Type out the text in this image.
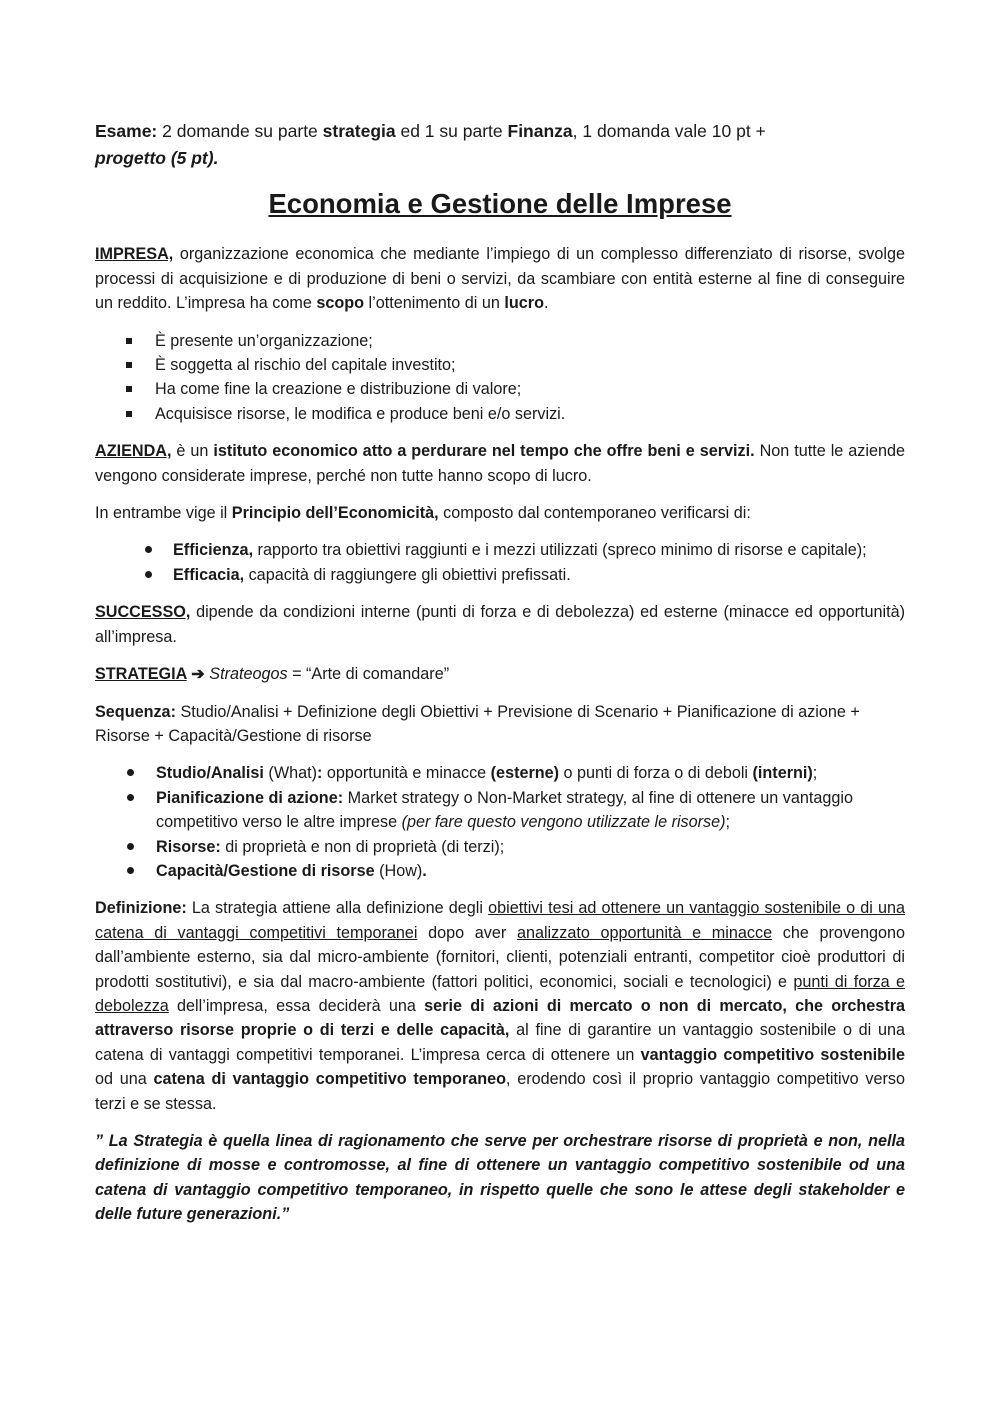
Esame: 2 domande su parte strategia ed 1 su parte Finanza, 1 domanda vale 10 pt +
progetto (5 pt).

Economia e Gestione delle Imprese

IMPRESA, organizzazione economica che mediante l’impiego di un complesso differenziato di risorse, svolge processi di acquisizione e di produzione di beni o servizi, da scambiare con entità esterne al fine di conseguire un reddito. L’impresa ha come scopo l’ottenimento di un lucro.

È presente un’organizzazione;
È soggetta al rischio del capitale investito;
Ha come fine la creazione e distribuzione di valore;
Acquisisce risorse, le modifica e produce beni e/o servizi.

AZIENDA, è un istituto economico atto a perdurare nel tempo che offre beni e servizi. Non tutte le aziende vengono considerate imprese, perché non tutte hanno scopo di lucro.

In entrambe vige il Principio dell’Economicità, composto dal contemporaneo verificarsi di:

Efficienza, rapporto tra obiettivi raggiunti e i mezzi utilizzati (spreco minimo di risorse e capitale);
Efficacia, capacità di raggiungere gli obiettivi prefissati.

SUCCESSO, dipende da condizioni interne (punti di forza e di debolezza) ed esterne (minacce ed opportunità) all’impresa.

STRATEGIA ➔ Strateogos = “Arte di comandare”

Sequenza: Studio/Analisi + Definizione degli Obiettivi + Previsione di Scenario + Pianificazione di azione + Risorse + Capacità/Gestione di risorse

Studio/Analisi (What): opportunità e minacce (esterne) o punti di forza o di deboli (interni);
Pianificazione di azione: Market strategy o Non-Market strategy, al fine di ottenere un vantaggio competitivo verso le altre imprese (per fare questo vengono utilizzate le risorse);
Risorse: di proprietà e non di proprietà (di terzi);
Capacità/Gestione di risorse (How).

Definizione: La strategia attiene alla definizione degli obiettivi tesi ad ottenere un vantaggio sostenibile o di una catena di vantaggi competitivi temporanei dopo aver analizzato opportunità e minacce che provengono dall’ambiente esterno, sia dal micro-ambiente (fornitori, clienti, potenziali entranti, competitor cioè produttori di prodotti sostitutivi), e sia dal macro-ambiente (fattori politici, economici, sociali e tecnologici) e punti di forza e debolezza dell’impresa, essa deciderà una serie di azioni di mercato o non di mercato, che orchestra attraverso risorse proprie o di terzi e delle capacità, al fine di garantire un vantaggio sostenibile o di una catena di vantaggi competitivi temporanei. L’impresa cerca di ottenere un vantaggio competitivo sostenibile od una catena di vantaggio competitivo temporaneo, erodendo così il proprio vantaggio competitivo verso terzi e se stessa.

” La Strategia è quella linea di ragionamento che serve per orchestrare risorse di proprietà e non, nella definizione di mosse e contromosse, al fine di ottenere un vantaggio competitivo sostenibile od una catena di vantaggio competitivo temporaneo, in rispetto quelle che sono le attese degli stakeholder e delle future generazioni.”
